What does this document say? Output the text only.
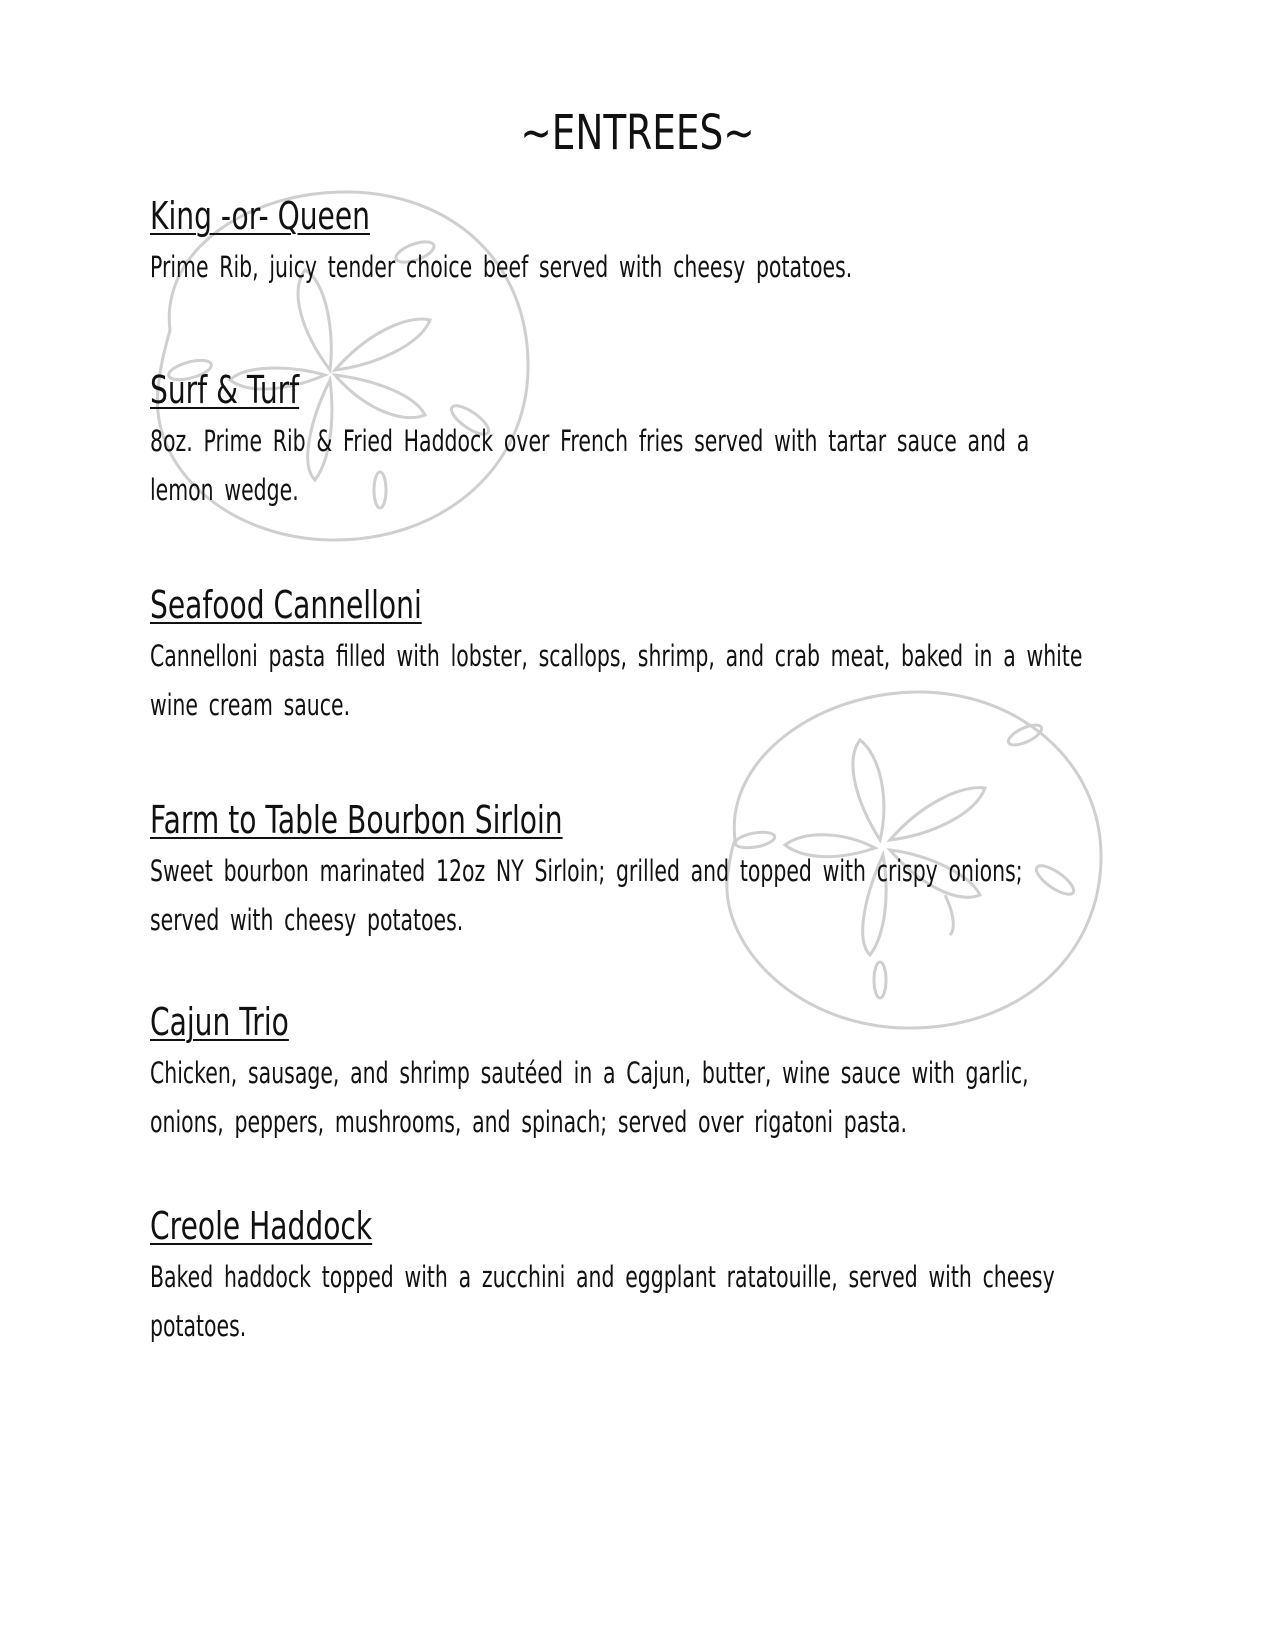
~ENTREES~
King -or- Queen
Prime Rib, juicy tender choice beef served with cheesy potatoes.
Surf & Turf
8oz. Prime Rib & Fried Haddock over French fries served with tartar sauce and a lemon wedge.
Seafood Cannelloni
Cannelloni pasta filled with lobster, scallops, shrimp, and crab meat, baked in a white wine cream sauce.
Farm to Table Bourbon Sirloin
Sweet bourbon marinated 12oz NY Sirloin; grilled and topped with crispy onions; served with cheesy potatoes.
Cajun Trio
Chicken, sausage, and shrimp sautéed in a Cajun, butter, wine sauce with garlic, onions, peppers, mushrooms, and spinach; served over rigatoni pasta.
Creole Haddock
Baked haddock topped with a zucchini and eggplant ratatouille, served with cheesy potatoes.
